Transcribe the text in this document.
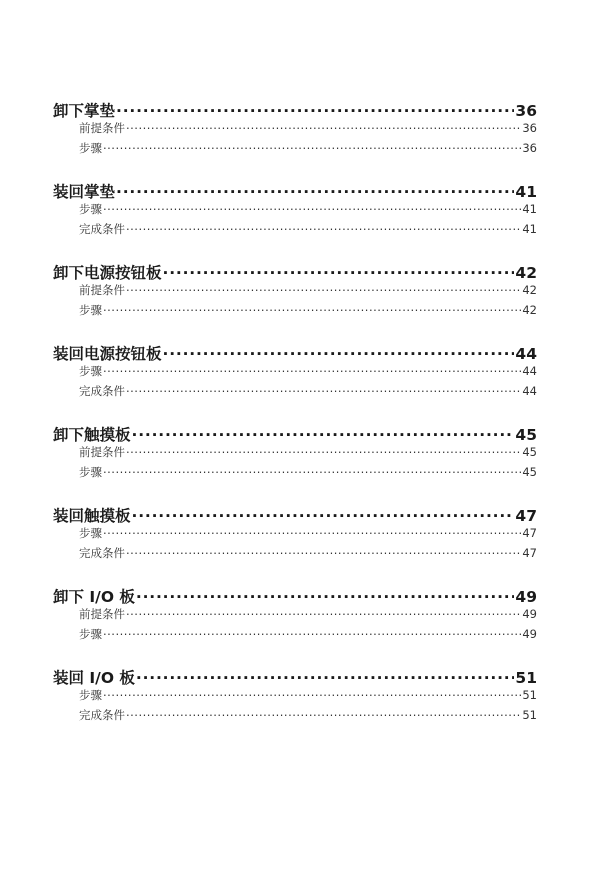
卸下掌垫 .....	36
前提条件 .....	36
步骤 .....	36
装回掌垫 .....	41
步骤 .....	41
完成条件 .....	41
卸下电源按钮板 .....	42
前提条件 .....	42
步骤 .....	42
装回电源按钮板 .....	44
步骤 .....	44
完成条件 .....	44
卸下触摸板 .....	45
前提条件 .....	45
步骤 .....	45
装回触摸板 .....	47
步骤 .....	47
完成条件 .....	47
卸下 I/O 板 .....	49
前提条件 .....	49
步骤 .....	49
装回 I/O 板 .....	51
步骤 .....	51
完成条件 .....	51
